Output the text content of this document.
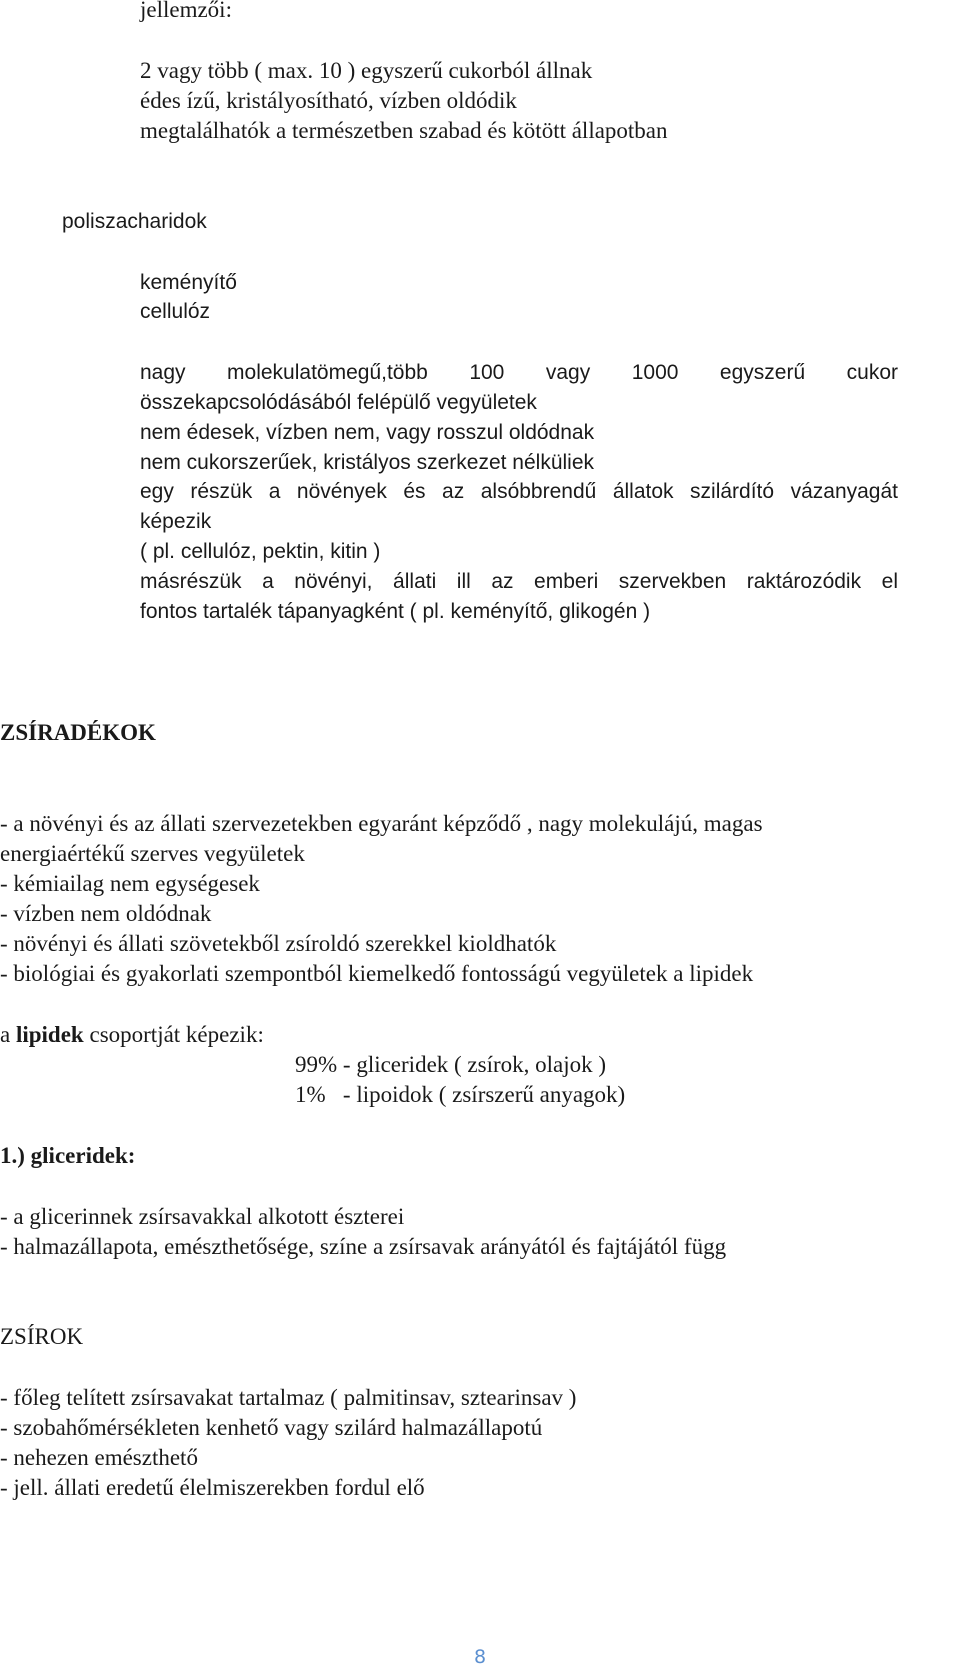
jellemzői:
2 vagy több ( max. 10 ) egyszerű cukorból állnak
édes ízű, kristályosítható, vízben oldódik
megtalálhatók a természetben szabad és kötött állapotban
poliszacharidok
keményítő
cellulóz
nagy molekulatömegű,több 100 vagy 1000 egyszerű cukor
összekapcsolódásából felépülő vegyületek
nem édesek, vízben nem, vagy rosszul oldódnak
nem cukorszerűek, kristályos szerkezet nélküliek
egy részük a növények és az alsóbbrendű állatok szilárdító vázanyagát
képezik
( pl. cellulóz, pektin, kitin )
másrészük a növényi, állati ill az emberi szervekben raktározódik el
fontos tartalék tápanyagként ( pl. keményítő, glikogén )
ZSÍRADÉKOK
- a növényi és az állati szervezetekben egyaránt képződő , nagy molekulájú, magas
energiaértékű szerves vegyületek
- kémiailag nem egységesek
- vízben nem oldódnak
- növényi és állati szövetekből zsíroldó szerekkel kioldhatók
- biológiai és gyakorlati szempontból kiemelkedő fontosságú vegyületek a lipidek
a lipidek csoportját képezik:
99% - gliceridek ( zsírok, olajok )
1%   - lipoidok ( zsírszerű anyagok)
1.) gliceridek:
- a glicerinnek zsírsavakkal alkotott észterei
- halmazállapota, emészthetősége, színe a zsírsavak arányától és fajtájától függ
ZSÍROK
- főleg telített zsírsavakat tartalmaz ( palmitinsav, sztearinsav )
- szobahőmérsékleten kenhető vagy szilárd halmazállapotú
- nehezen emészthető
- jell. állati eredetű élelmiszerekben fordul elő
8
